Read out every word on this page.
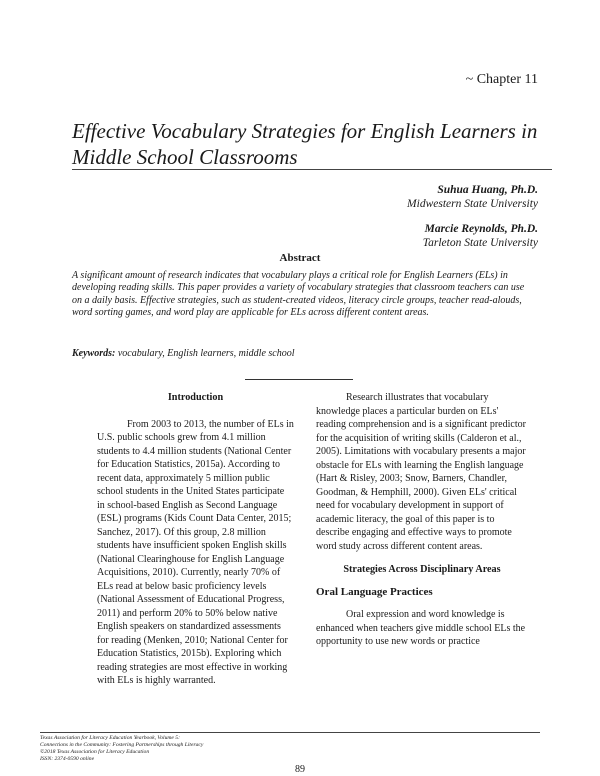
~ Chapter 11
Effective Vocabulary Strategies for English Learners in Middle School Classrooms
Suhua Huang, Ph.D.
Midwestern State University
Marcie Reynolds, Ph.D.
Tarleton State University
Abstract
A significant amount of research indicates that vocabulary plays a critical role for English Learners (ELs) in developing reading skills. This paper provides a variety of vocabulary strategies that classroom teachers can use on a daily basis. Effective strategies, such as student-created videos, literacy circle groups, teacher read-alouds, word sorting games, and word play are applicable for ELs across different content areas.
Keywords: vocabulary, English learners, middle school
Introduction

From 2003 to 2013, the number of ELs in U.S. public schools grew from 4.1 million students to 4.4 million students (National Center for Education Statistics, 2015a). According to recent data, approximately 5 million public school students in the United States participate in school-based English as Second Language (ESL) programs (Kids Count Data Center, 2015; Sanchez, 2017). Of this group, 2.8 million students have insufficient spoken English skills (National Clearinghouse for English Language Acquisitions, 2010). Currently, nearly 70% of ELs read at below basic proficiency levels (National Assessment of Educational Progress, 2011) and perform 20% to 50% below native English speakers on standardized assessments for reading (Menken, 2010; National Center for Education Statistics, 2015b). Exploring which reading strategies are most effective in working with ELs is highly warranted.

Research illustrates that vocabulary knowledge places a particular burden on ELs' reading comprehension and is a significant predictor for the acquisition of writing skills (Calderon et al., 2005). Limitations with vocabulary presents a major obstacle for ELs with learning the English language (Hart & Risley, 2003; Snow, Barners, Chandler, Goodman, & Hemphill, 2000). Given ELs' critical need for vocabulary development in support of academic literacy, the goal of this paper is to describe engaging and effective ways to promote word study across different content areas.

Strategies Across Disciplinary Areas
Oral Language Practices

Oral expression and word knowledge is enhanced when teachers give middle school ELs the opportunity to use new words or practice

Texas Association for Literacy Education Yearbook, Volume 5:
Connections in the Community: Fostering Partnerships through Literacy
©2018 Texas Association for Literacy Education
ISSN: 2374-0590 online
89
